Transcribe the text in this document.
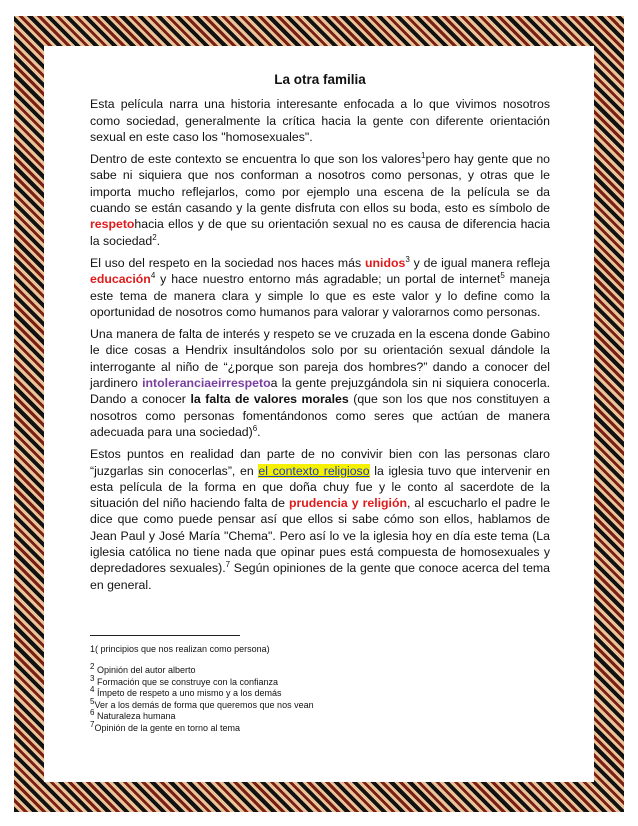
La otra familia

Esta película narra una historia interesante enfocada a lo que vivimos nosotros como sociedad, generalmente la crítica hacia la gente con diferente orientación sexual en este caso los "homosexuales".

Dentro de este contexto se encuentra lo que son los valores$^1$pero hay gente que no sabe ni siquiera que nos conforman a nosotros como personas, y otras que le importa mucho reflejarlos, como por ejemplo una escena de la película se da cuando se están casando y la gente disfruta con ellos su boda, esto es símbolo de respetohacia ellos y de que su orientación sexual no es causa de diferencia hacia la sociedad$^2$.

El uso del respeto en la sociedad nos haces más unidos$^3$ y de igual manera refleja educación$^4$ y hace nuestro entorno más agradable; un portal de internet$^5$ maneja este tema de manera clara y simple lo que es este valor y lo define como la oportunidad de nosotros como humanos para valorar y valorarnos como personas.

Una manera de falta de interés y respeto se ve cruzada en la escena donde Gabino le dice cosas a Hendrix insultándolos solo por su orientación sexual dándole la interrogante al niño de “¿porque son pareja dos hombres?” dando a conocer del jardinero intoleranciaeirrespetoa la gente prejuzgándola sin ni siquiera conocerla. Dando a conocer la falta de valores morales (que son los que nos constituyen a nosotros como personas fomentándonos como seres que actúan de manera adecuada para una sociedad)$^6$.

Estos puntos en realidad dan parte de no convivir bien con las personas claro “juzgarlas sin conocerlas”, en el contexto religioso la iglesia tuvo que intervenir en esta película de la forma en que doña chuy fue y le conto al sacerdote de la situación del niño haciendo falta de prudencia y religión, al escucharlo el padre le dice que como puede pensar así que ellos si sabe cómo son ellos, hablamos de Jean Paul y José María "Chema". Pero así lo ve la iglesia hoy en día este tema (La iglesia católica no tiene nada que opinar pues está compuesta de homosexuales y depredadores sexuales).$^7$ Según opiniones de la gente que conoce acerca del tema en general.

1( principios que nos realizan como persona)
$^2$ Opinión del autor alberto
$^3$ Formación que se construye con la confianza
$^4$ Ímpeto de respeto a uno mismo y a los demás
$^5$Ver a los demás de forma que queremos que nos vean
$^6$ Naturaleza humana
$^7$Opinión de la gente en torno al tema
